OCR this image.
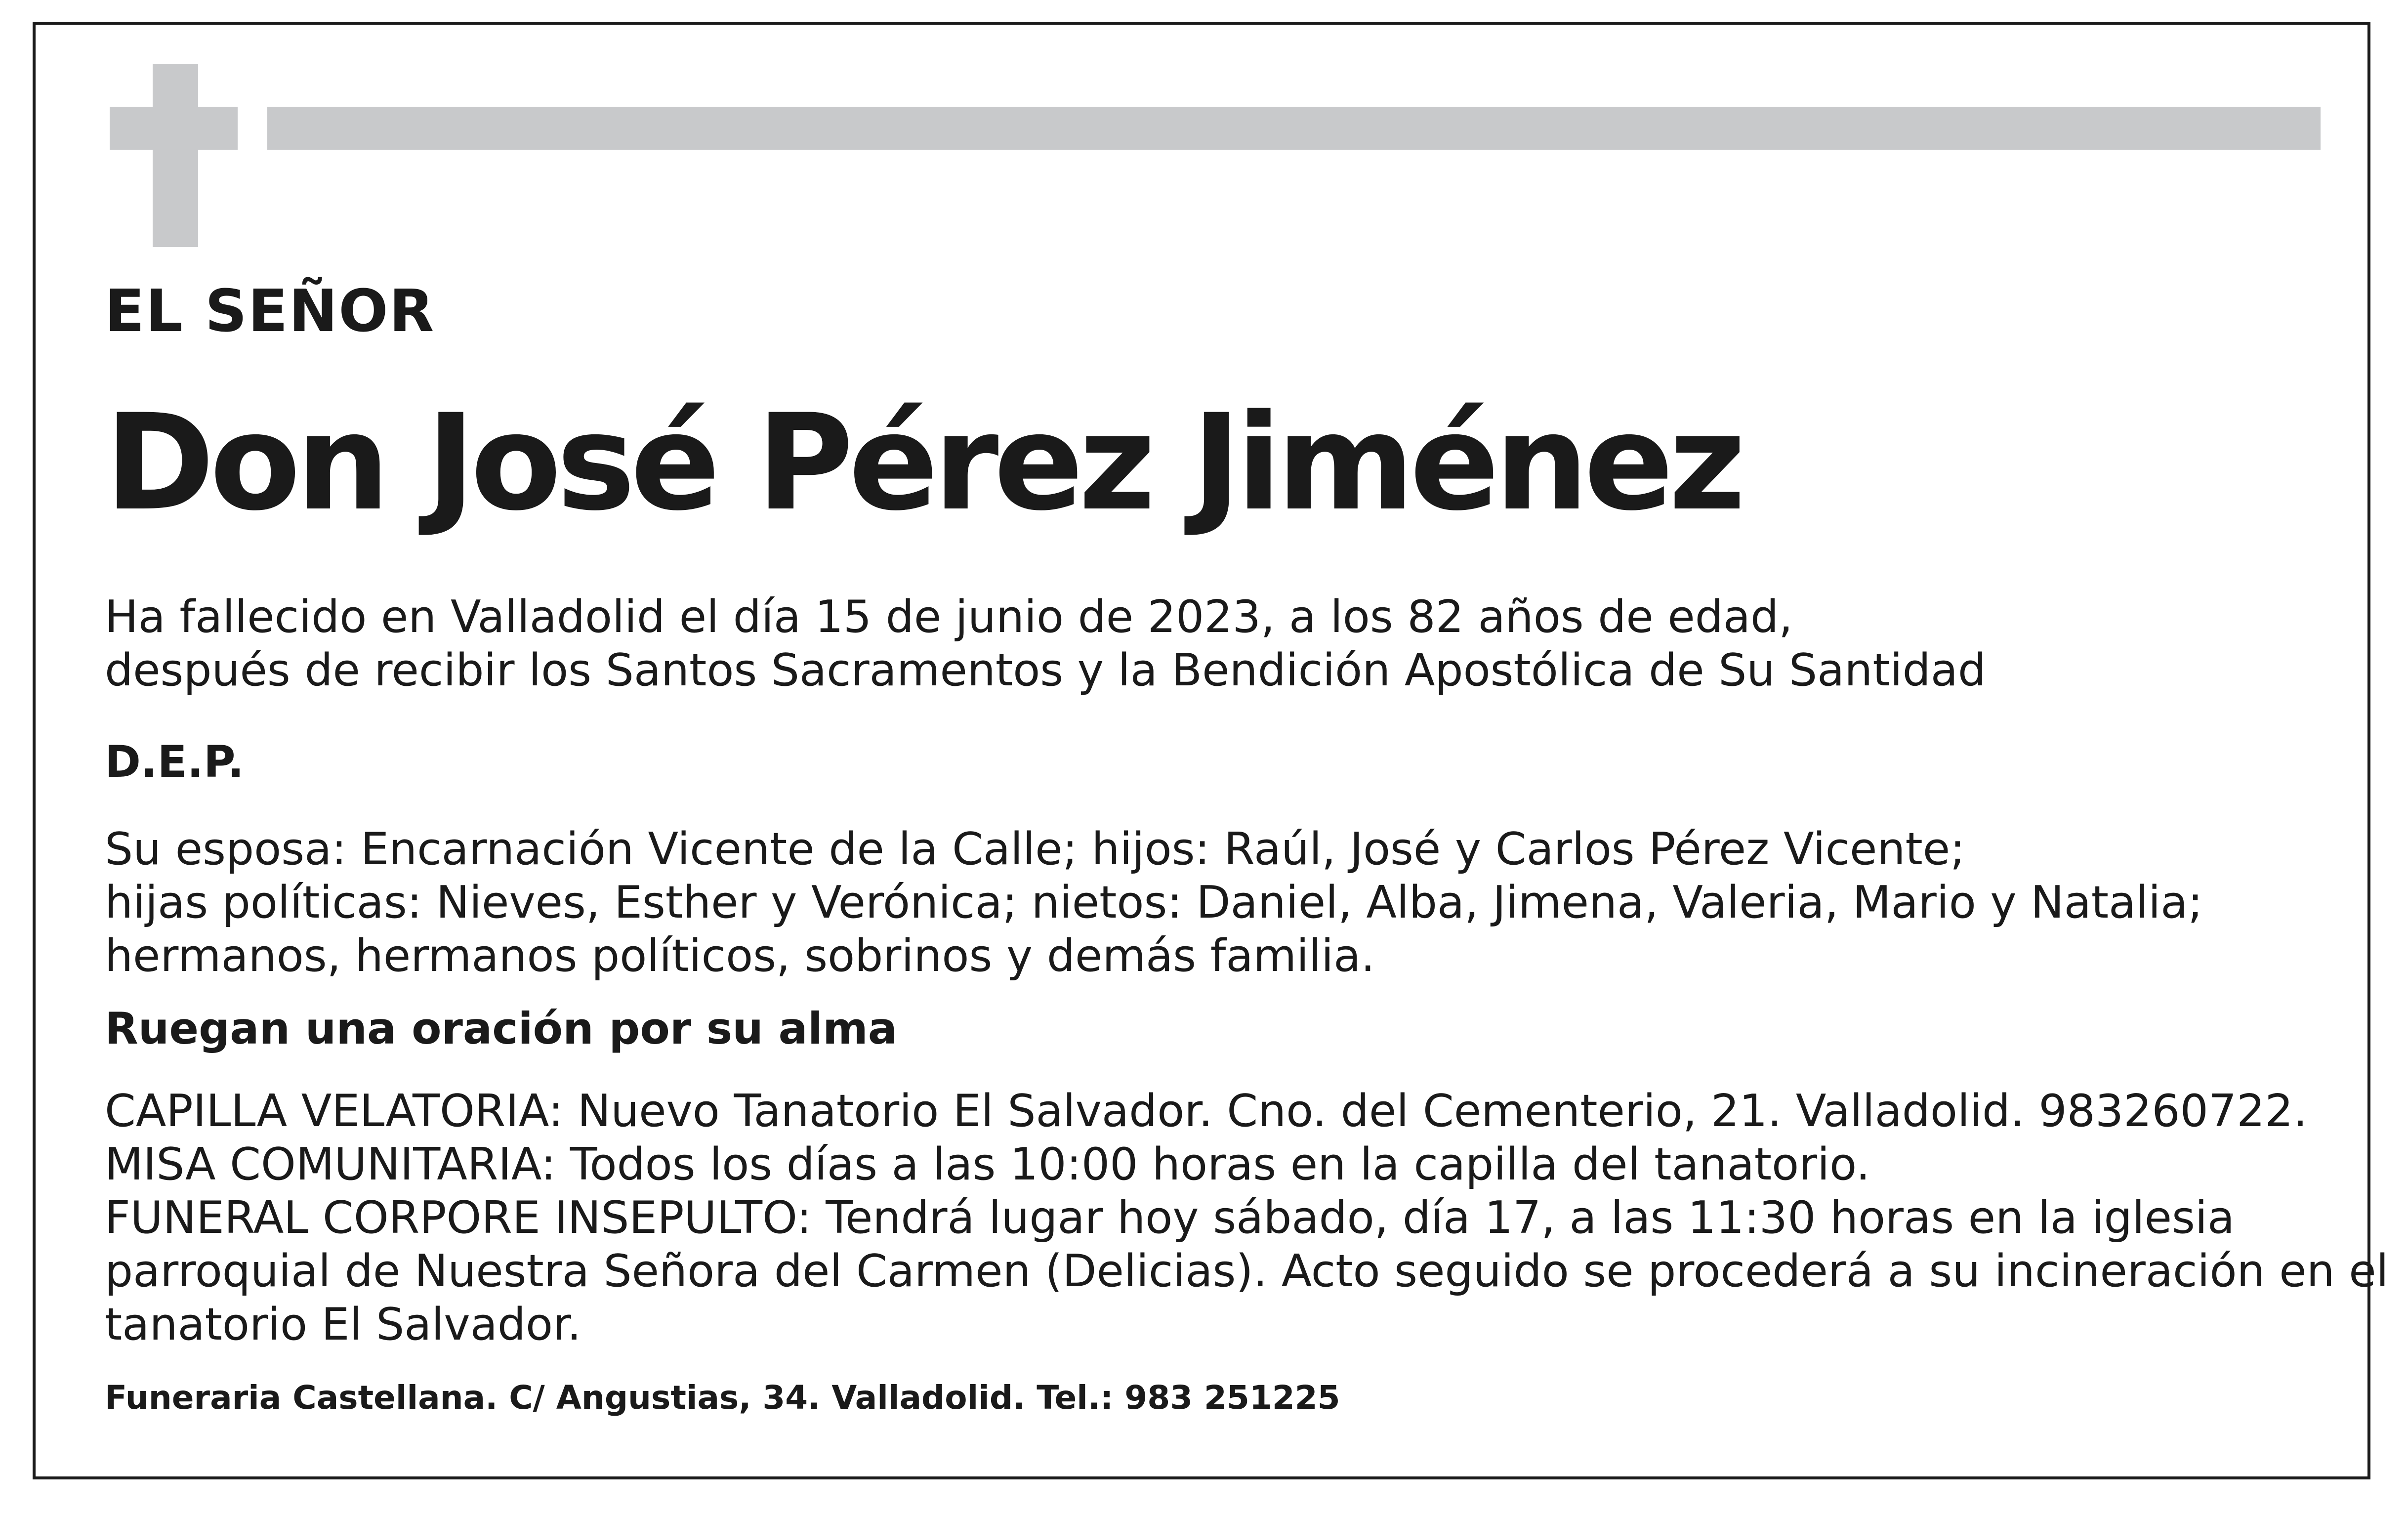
EL SEÑOR

Don José Pérez Jiménez

Ha fallecido en Valladolid el día 15 de junio de 2023, a los 82 años de edad,
después de recibir los Santos Sacramentos y la Bendición Apostólica de Su Santidad

D.E.P.

Su esposa: Encarnación Vicente de la Calle; hijos: Raúl, José y Carlos Pérez Vicente;
hijas políticas: Nieves, Esther y Verónica; nietos: Daniel, Alba, Jimena, Valeria, Mario y Natalia;
hermanos, hermanos políticos, sobrinos y demás familia.

Ruegan una oración por su alma

CAPILLA VELATORIA: Nuevo Tanatorio El Salvador. Cno. del Cementerio, 21. Valladolid. 983260722.
MISA COMUNITARIA: Todos los días a las 10:00 horas en la capilla del tanatorio.
FUNERAL CORPORE INSEPULTO: Tendrá lugar hoy sábado, día 17, a las 11:30 horas en la iglesia
parroquial de Nuestra Señora del Carmen (Delicias). Acto seguido se procederá a su incineración en el
tanatorio El Salvador.

Funeraria Castellana. C/ Angustias, 34. Valladolid. Tel.: 983 251225
